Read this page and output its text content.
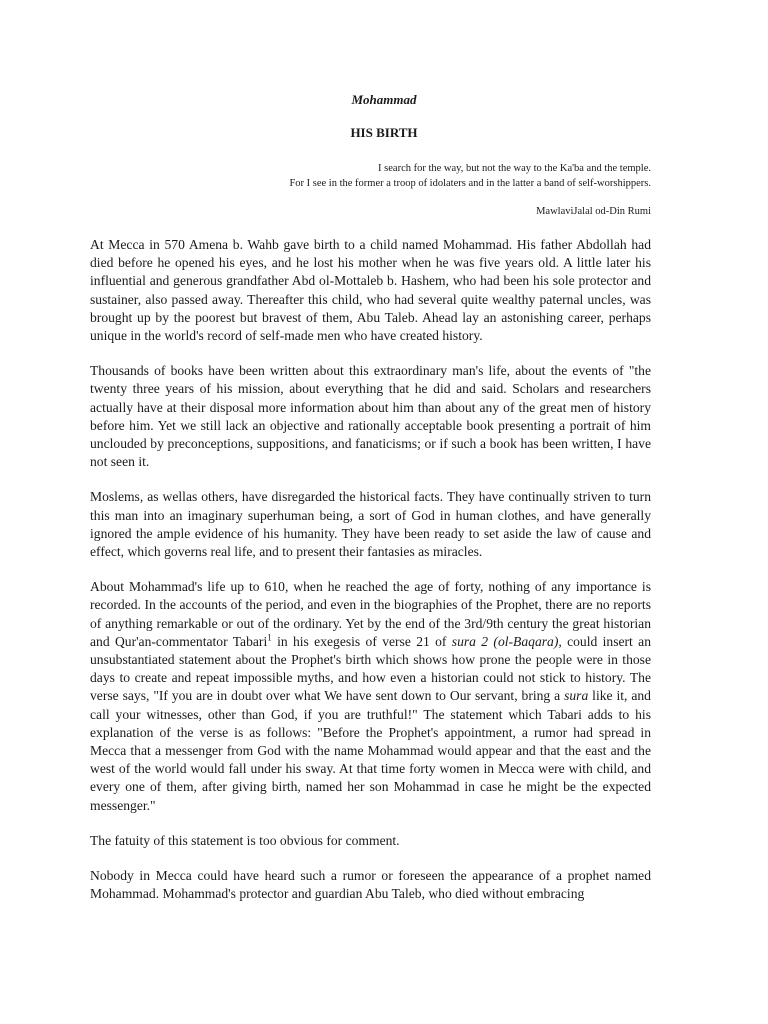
Mohammad
HIS BIRTH
I search for the way, but not the way to the Ka'ba and the temple.
For I see in the former a troop of idolaters and in the latter a band of self-worshippers.
MawlaviJalal od-Din Rumi

At Mecca in 570 Amena b. Wahb gave birth to a child named Mohammad. His father Abdollah had died before he opened his eyes, and he lost his mother when he was five years old. A little later his influential and generous grandfather Abd ol-Mottaleb b. Hashem, who had been his sole protector and sustainer, also passed away. Thereafter this child, who had several quite wealthy paternal uncles, was brought up by the poorest but bravest of them, Abu Taleb. Ahead lay an astonishing career, perhaps unique in the world's record of self-made men who have created history.

Thousands of books have been written about this extraordinary man's life, about the events of "the twenty three years of his mission, about everything that he did and said. Scholars and researchers actually have at their disposal more information about him than about any of the great men of history before him. Yet we still lack an objective and rationally acceptable book presenting a portrait of him unclouded by preconceptions, suppositions, and fanaticisms; or if such a book has been written, I have not seen it.

Moslems, as wellas others, have disregarded the historical facts. They have continually striven to turn this man into an imaginary superhuman being, a sort of God in human clothes, and have generally ignored the ample evidence of his humanity. They have been ready to set aside the law of cause and effect, which governs real life, and to present their fantasies as miracles.

About Mohammad's life up to 610, when he reached the age of forty, nothing of any importance is recorded. In the accounts of the period, and even in the biographies of the Prophet, there are no reports of anything remarkable or out of the ordinary. Yet by the end of the 3rd/9th century the great historian and Qur'an-commentator Tabari$^1$ in his exegesis of verse 21 of sura 2 (ol-Baqara), could insert an unsubstantiated statement about the Prophet's birth which shows how prone the people were in those days to create and repeat impossible myths, and how even a historian could not stick to history. The verse says, "If you are in doubt over what We have sent down to Our servant, bring a sura like it, and call your witnesses, other than God, if you are truthful!" The statement which Tabari adds to his explanation of the verse is as follows: "Before the Prophet's appointment, a rumor had spread in Mecca that a messenger from God with the name Mohammad would appear and that the east and the west of the world would fall under his sway. At that time forty women in Mecca were with child, and every one of them, after giving birth, named her son Mohammad in case he might be the expected messenger."

The fatuity of this statement is too obvious for comment.

Nobody in Mecca could have heard such a rumor or foreseen the appearance of a prophet named Mohammad. Mohammad's protector and guardian Abu Taleb, who died without embracing
